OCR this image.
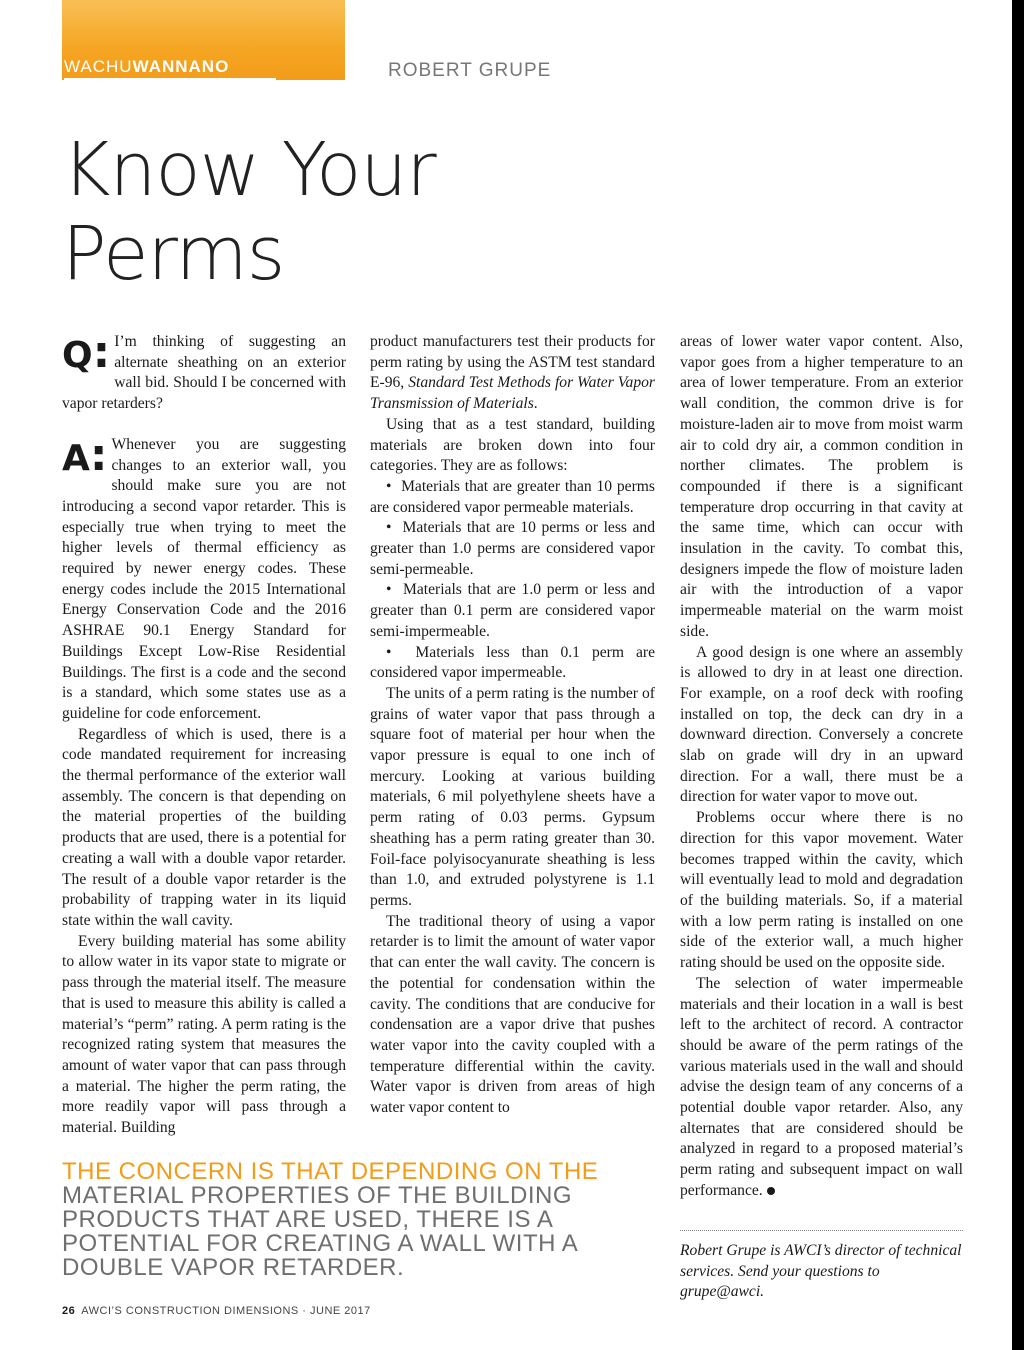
WACHUWANNANO	ROBERT GRUPE
Know Your
Perms
Q: I’m thinking of suggesting an alternate sheathing on an exterior wall bid. Should I be concerned with vapor retarders?

A: Whenever you are suggesting changes to an exterior wall, you should make sure you are not introducing a second vapor retarder. This is especially true when trying to meet the higher levels of thermal efficiency as required by newer energy codes. These energy codes include the 2015 International Energy Conservation Code and the 2016 ASHRAE 90.1 Energy Standard for Buildings Except Low-Rise Residential Buildings. The first is a code and the second is a standard, which some states use as a guideline for code enforcement.

Regardless of which is used, there is a code mandated requirement for increasing the thermal performance of the exterior wall assembly. The concern is that depending on the material properties of the building products that are used, there is a potential for creating a wall with a double vapor retarder. The result of a double vapor retarder is the probability of trapping water in its liquid state within the wall cavity.

Every building material has some ability to allow water in its vapor state to migrate or pass through the material itself. The measure that is used to measure this ability is called a material’s “perm” rating. A perm rating is the recognized rating system that measures the amount of water vapor that can pass through a material. The higher the perm rating, the more readily vapor will pass through a material. Building

product manufacturers test their products for perm rating by using the ASTM test standard E-96, Standard Test Methods for Water Vapor Transmission of Materials.

Using that as a test standard, building materials are broken down into four categories. They are as follows:

•  Materials that are greater than 10 perms are considered vapor permeable materials.

•  Materials that are 10 perms or less and greater than 1.0 perms are considered vapor semi-permeable.

•  Materials that are 1.0 perm or less and greater than 0.1 perm are considered vapor semi-impermeable.

•  Materials less than 0.1 perm are considered vapor impermeable.

The units of a perm rating is the number of grains of water vapor that pass through a square foot of material per hour when the vapor pressure is equal to one inch of mercury. Looking at various building materials, 6 mil polyethylene sheets have a perm rating of 0.03 perms. Gypsum sheathing has a perm rating greater than 30. Foil-face polyisocyanurate sheathing is less than 1.0, and extruded polystyrene is 1.1 perms.

The traditional theory of using a vapor retarder is to limit the amount of water vapor that can enter the wall cavity. The concern is the potential for condensation within the cavity. The conditions that are conducive for condensation are a vapor drive that pushes water vapor into the cavity coupled with a temperature differential within the cavity. Water vapor is driven from areas of high water vapor content to

areas of lower water vapor content. Also, vapor goes from a higher temperature to an area of lower temperature. From an exterior wall condition, the common drive is for moisture-laden air to move from moist warm air to cold dry air, a common condition in norther climates. The problem is compounded if there is a significant temperature drop occurring in that cavity at the same time, which can occur with insulation in the cavity. To combat this, designers impede the flow of moisture laden air with the introduction of a vapor impermeable material on the warm moist side.

A good design is one where an assembly is allowed to dry in at least one direction. For example, on a roof deck with roofing installed on top, the deck can dry in a downward direction. Conversely a concrete slab on grade will dry in an upward direction. For a wall, there must be a direction for water vapor to move out.

Problems occur where there is no direction for this vapor movement. Water becomes trapped within the cavity, which will eventually lead to mold and degradation of the building materials. So, if a material with a low perm rating is installed on one side of the exterior wall, a much higher rating should be used on the opposite side.

The selection of water impermeable materials and their location in a wall is best left to the architect of record. A contractor should be aware of the perm ratings of the various materials used in the wall and should advise the design team of any concerns of a potential double vapor retarder. Also, any alternates that are considered should be analyzed in regard to a proposed material’s perm rating and subsequent impact on wall performance.

THE CONCERN IS THAT DEPENDING ON THE
MATERIAL PROPERTIES OF THE BUILDING PRODUCTS THAT ARE USED, THERE IS A POTENTIAL FOR CREATING A WALL WITH A DOUBLE VAPOR RETARDER.
Robert Grupe is AWCI’s director of technical services. Send your questions to grupe@awci.
26 AWCI’S CONSTRUCTION DIMENSIONS · JUNE 2017
